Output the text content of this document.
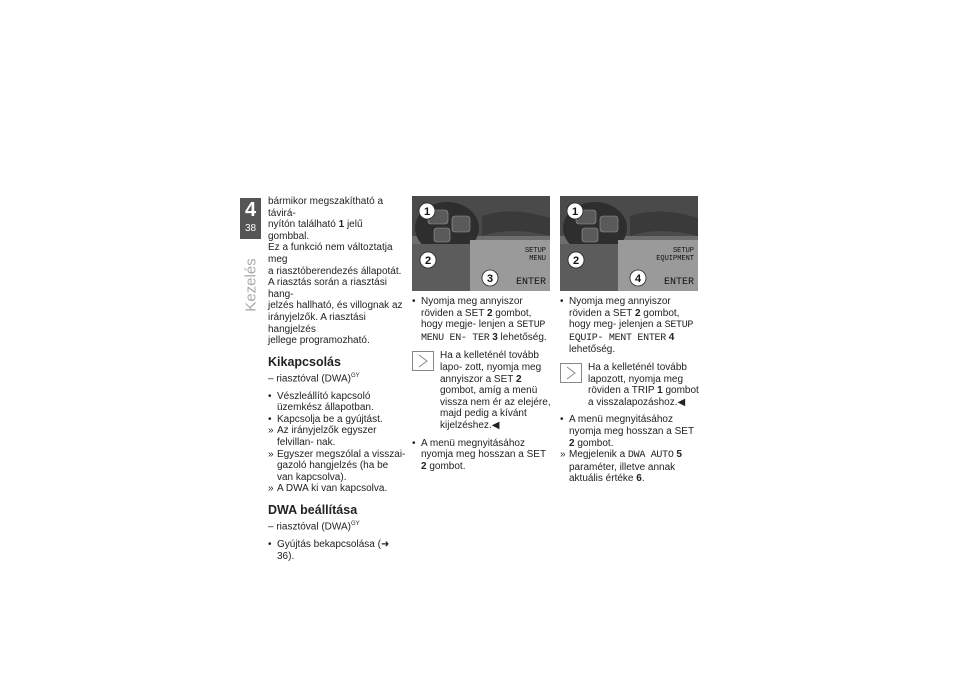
4
38
Kezelés

bármikor megszakítható a távirá-
nyítón található 1 jelű gombbal.
Ez a funkció nem változtatja meg
a riasztóberendezés állapotát.
A riasztás során a riasztási hang-
jelzés hallható, és villognak az
irányjelzők. A riasztási hangjelzés
jellege programozható.

Kikapcsolás

– riasztóval (DWA)$^{GY}$

• Vészleállító kapcsoló üzemkész állapotban.
• Kapcsolja be a gyújtást.
» Az irányjelzők egyszer felvillan- nak.
» Egyszer megszólal a visszai- gazoló hangjelzés (ha be van kapcsolva).
» A DWA ki van kapcsolva.
DWA beállítása

– riasztóval (DWA)$^{GY}$

• Gyújtás bekapcsolása (➜ 36).
SETUP
MENU
ENTER
1
2
3
• Nyomja meg annyiszor röviden a SET 2 gombot, hogy megje- lenjen a SETUP MENU EN- TER 3 lehetőség.
Ha a kelleténél tovább lapo- zott, nyomja meg annyiszor a SET 2 gombot, amíg a menü vissza nem ér az elejére, majd pedig a kívánt kijelzéshez.◀
• A menü megnyitásához nyomja meg hosszan a SET 2 gombot.
SETUP
EQUIPMENT
ENTER
1
2
4
• Nyomja meg annyiszor röviden a SET 2 gombot, hogy meg- jelenjen a SETUP EQUIP- MENT ENTER 4 lehetőség.
Ha a kelleténél tovább lapozott, nyomja meg röviden a TRIP 1 gombot a visszalapozáshoz.◀
• A menü megnyitásához nyomja meg hosszan a SET 2 gombot.
» Megjelenik a DWA AUTO 5 paraméter, illetve annak aktuális értéke 6.
